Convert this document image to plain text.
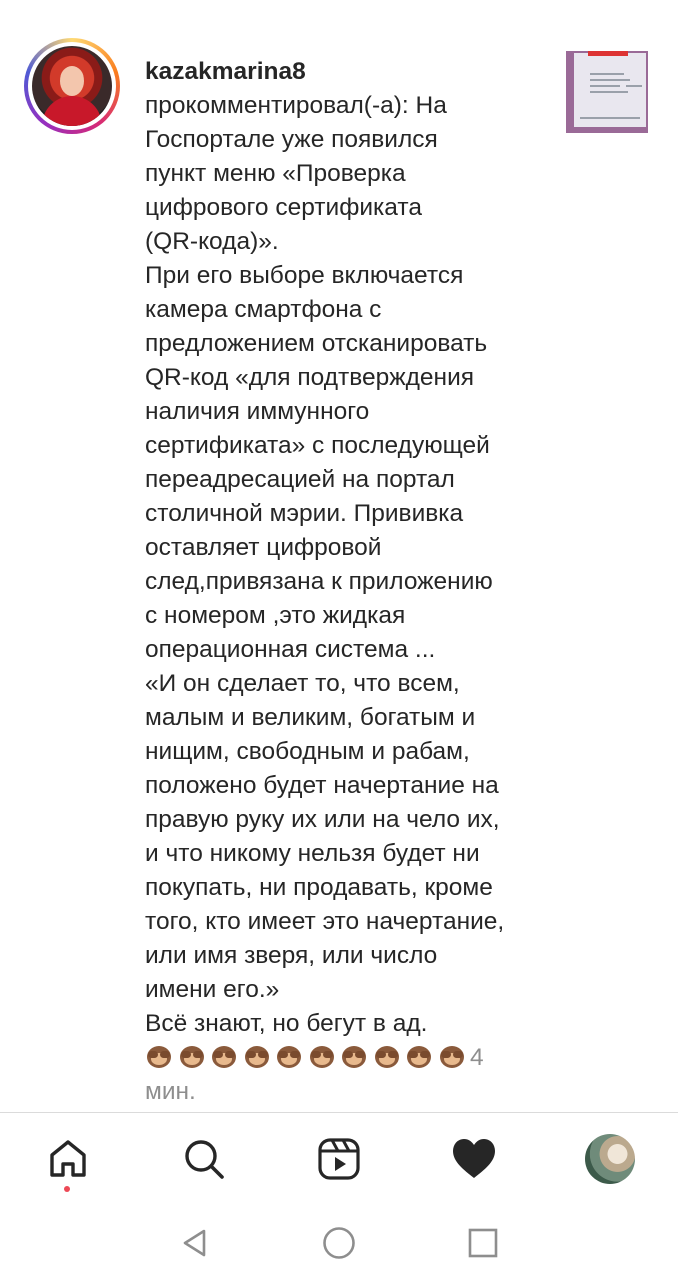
kazakmarina8
прокомментировал(-а): На
Госпортале уже появился
пункт меню «Проверка
цифрового сертификата
(QR-кода)».
При его выборе включается
камера смартфона с
предложением отсканировать
QR-код «для подтверждения
наличия иммунного
сертификата» с последующей
переадресацией на портал
столичной мэрии. Прививка
оставляет цифровой
след,привязана к приложению
с номером ,это жидкая
операционная система ...
«И он сделает то, что всем,
малым и великим, богатым и
нищим, свободным и рабам,
положено будет начертание на
правую руку их или на чело их,
и что никому нельзя будет ни
покупать, ни продавать, кроме
того, кто имеет это начертание,
или имя зверя, или число
имени его.»
Всё знают, но бегут в ад.
4
мин.
